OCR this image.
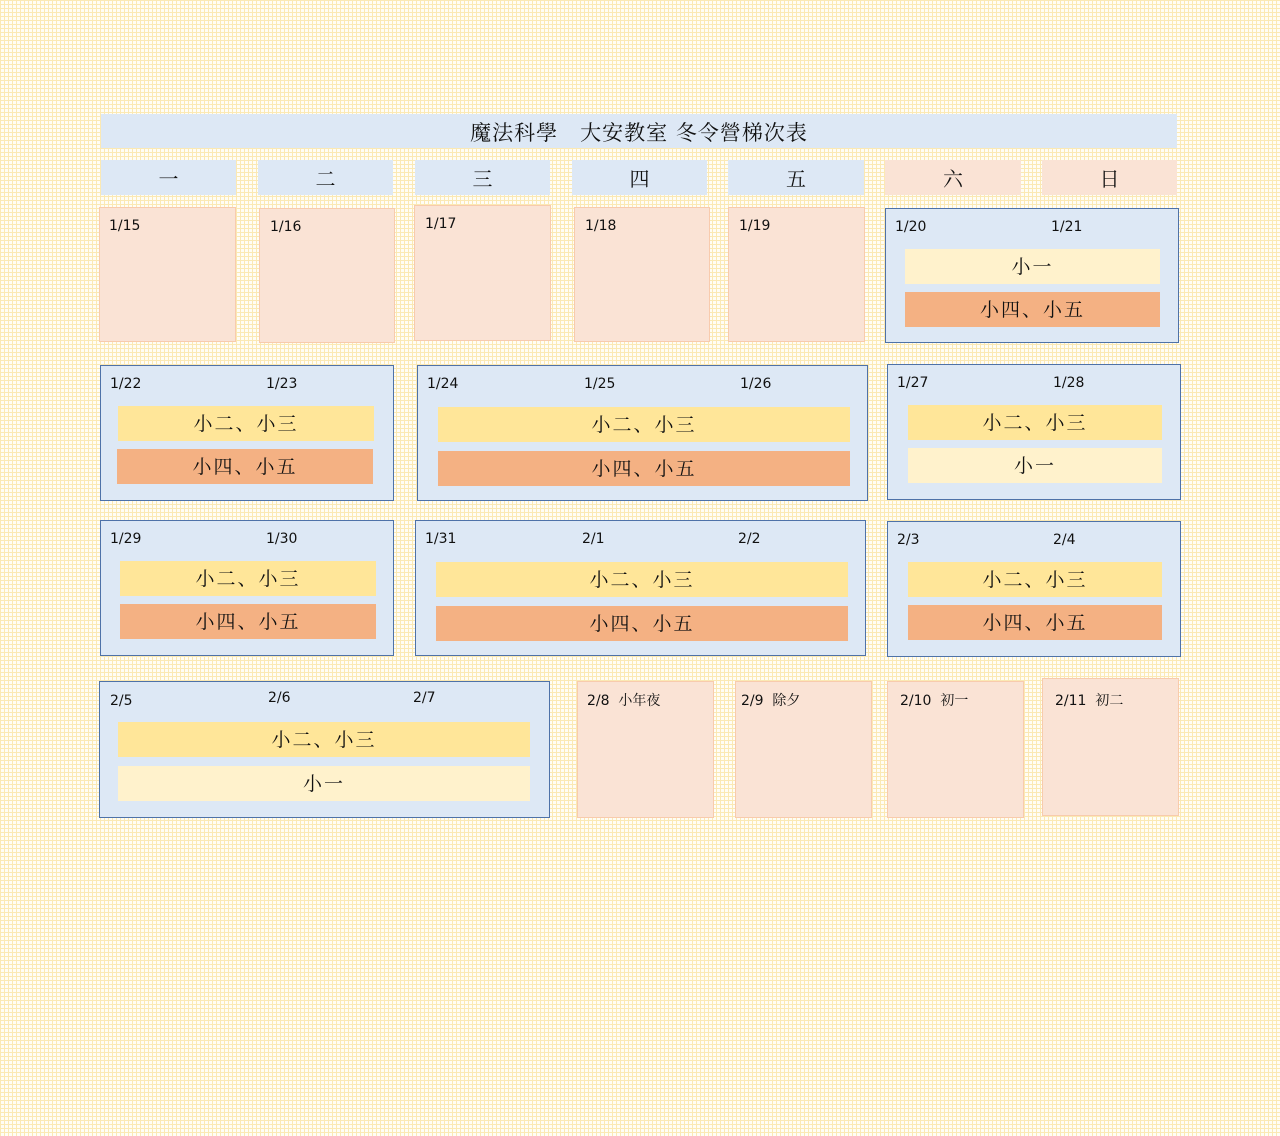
魔法科學　大安教室 冬令營梯次表
一	二	三	四	五	六	日
1/15	1/16	1/17	1/18	1/19	1/20	1/21
小一
小四、小五
1/22	1/23
小二、小三
小四、小五
1/24	1/25	1/26
小二、小三
小四、小五
1/27	1/28
小二、小三
小一
1/29	1/30
小二、小三
小四、小五
1/31	2/1	2/2
小二、小三
小四、小五
2/3	2/4
小二、小三
小四、小五
2/5	2/6	2/7
小二、小三
小一
2/8  小年夜	2/9  除夕	2/10  初一	2/11  初二
